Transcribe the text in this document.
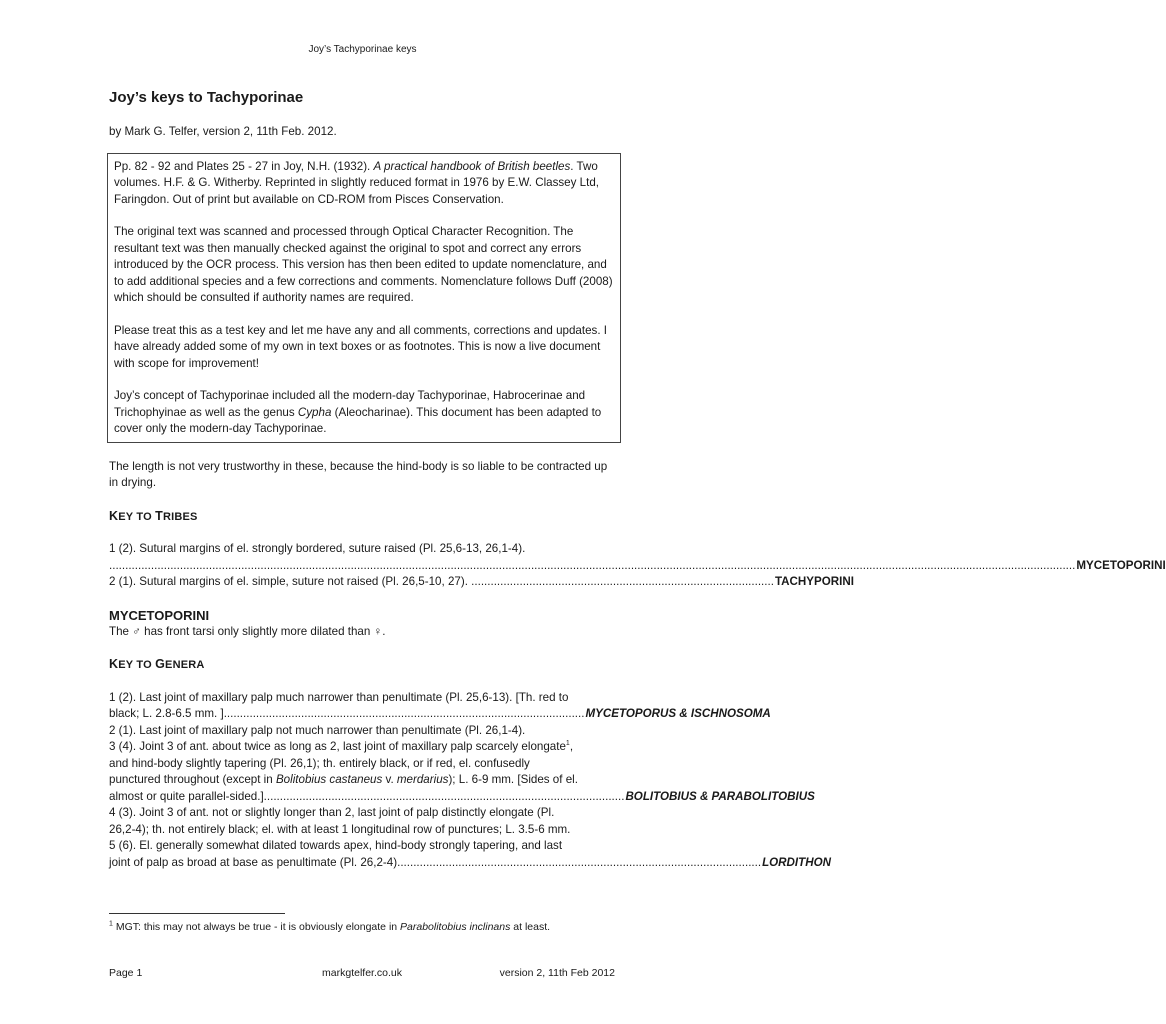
Joy’s Tachyporinae keys
Joy’s keys to Tachyporinae

by Mark G. Telfer, version 2, 11th Feb. 2012.

Pp. 82 - 92 and Plates 25 - 27 in Joy, N.H. (1932). A practical handbook of British beetles. Two volumes. H.F. & G. Witherby. Reprinted in slightly reduced format in 1976 by E.W. Classey Ltd, Faringdon. Out of print but available on CD-ROM from Pisces Conservation.

The original text was scanned and processed through Optical Character Recognition. The resultant text was then manually checked against the original to spot and correct any errors introduced by the OCR process. This version has then been edited to update nomenclature, and to add additional species and a few corrections and comments. Nomenclature follows Duff (2008) which should be consulted if authority names are required.

Please treat this as a test key and let me have any and all comments, corrections and updates. I have already added some of my own in text boxes or as footnotes. This is now a live document with scope for improvement!

Joy’s concept of Tachyporinae included all the modern-day Tachyporinae, Habrocerinae and Trichophyinae as well as the genus Cypha (Aleocharinae). This document has been adapted to cover only the modern-day Tachyporinae.

The length is not very trustworthy in these, because the hind-body is so liable to be contracted up in drying.

KEY TO TRIBES

1 (2). Sutural margins of el. strongly bordered, suture raised (Pl. 25,6-13, 26,1-4).

............................................................................................................................................................................................................................................................................................................ MYCETOPORINI
2 (1). Sutural margins of el. simple, suture not raised (Pl. 26,5-10, 27). .............................................................................................. TACHYPORINI
MYCETOPORINI

The ♂ has front tarsi only slightly more dilated than ♀.

KEY TO GENERA

1 (2). Last joint of maxillary palp much narrower than penultimate (Pl. 25,6-13). [Th. red to

black; L. 2.8-6.5 mm. ] ................................................................................................................ MYCETOPORUS & ISCHNOSOMA

2 (1). Last joint of maxillary palp not much narrower than penultimate (Pl. 26,1-4).

3 (4). Joint 3 of ant. about twice as long as 2, last joint of maxillary palp scarcely elongate$^1$,

and hind-body slightly tapering (Pl. 26,1); th. entirely black, or if red, el. confusedly

punctured throughout (except in Bolitobius castaneus v. merdarius); L. 6-9 mm. [Sides of el.

almost or quite parallel-sided.] ................................................................................................................ BOLITOBIUS & PARABOLITOBIUS

4 (3). Joint 3 of ant. not or slightly longer than 2, last joint of palp distinctly elongate (Pl.

26,2-4); th. not entirely black; el. with at least 1 longitudinal row of punctures; L. 3.5-6 mm.

5 (6). El. generally somewhat dilated towards apex, hind-body strongly tapering, and last

joint of palp as broad at base as penultimate (Pl. 26,2-4). ................................................................................................................ LORDITHON
$^1$ MGT: this may not always be true - it is obviously elongate in Parabolitobius inclinans at least.
markgtelfer.co.uk
Page 1	version 2, 11th Feb 2012
